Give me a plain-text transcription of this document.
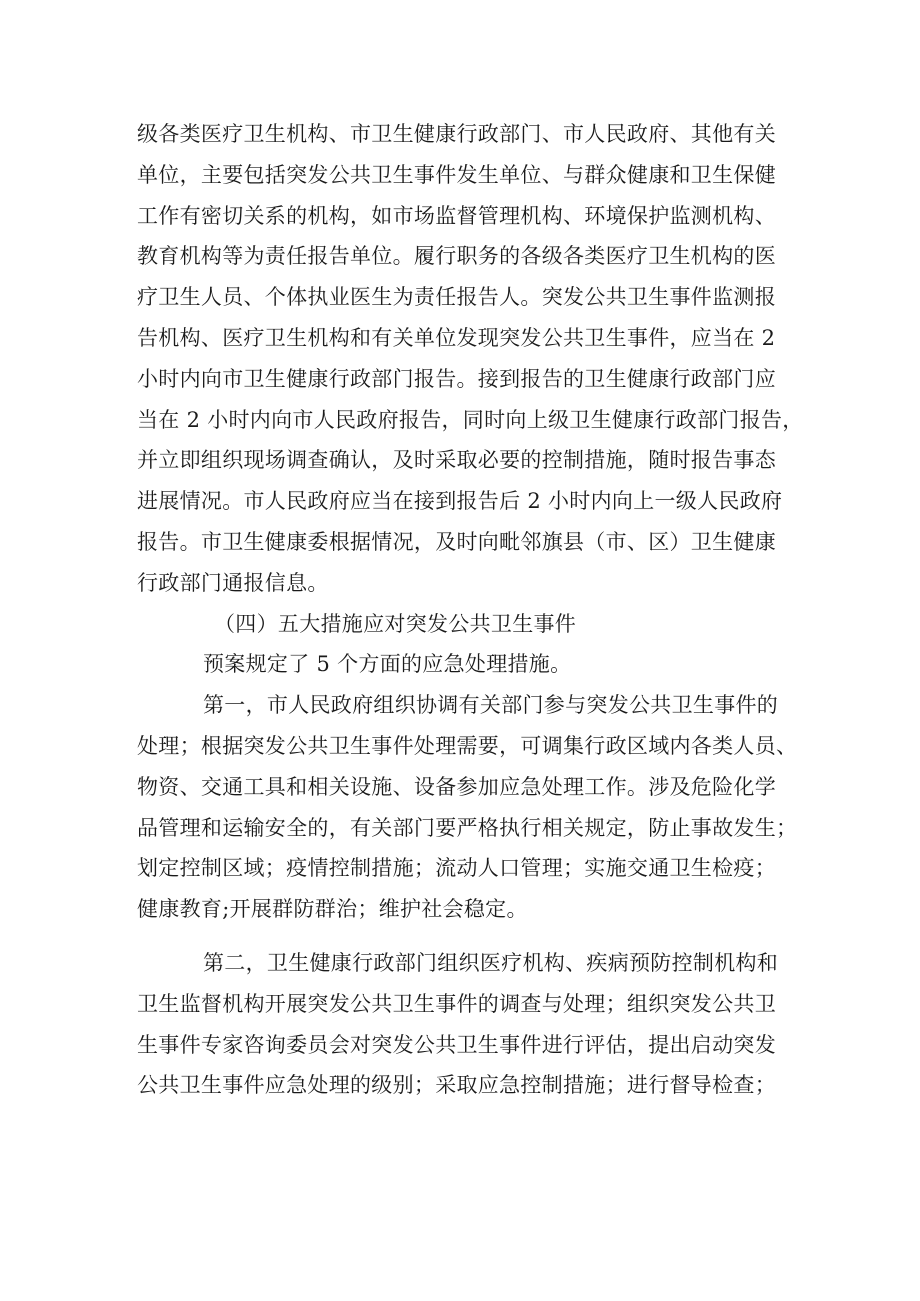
级各类医疗卫生机构、市卫生健康行政部门、市人民政府、其他有关
单位，主要包括突发公共卫生事件发生单位、与群众健康和卫生保健
工作有密切关系的机构，如市场监督管理机构、环境保护监测机构、
教育机构等为责任报告单位。履行职务的各级各类医疗卫生机构的医
疗卫生人员、个体执业医生为责任报告人。突发公共卫生事件监测报
告机构、医疗卫生机构和有关单位发现突发公共卫生事件，应当在 2
小时内向市卫生健康行政部门报告。接到报告的卫生健康行政部门应
当在 2 小时内向市人民政府报告，同时向上级卫生健康行政部门报告，
并立即组织现场调查确认，及时采取必要的控制措施，随时报告事态
进展情况。市人民政府应当在接到报告后 2 小时内向上一级人民政府
报告。市卫生健康委根据情况，及时向毗邻旗县（市、区）卫生健康
行政部门通报信息。
（四）五大措施应对突发公共卫生事件
预案规定了 5 个方面的应急处理措施。
第一，市人民政府组织协调有关部门参与突发公共卫生事件的
处理；根据突发公共卫生事件处理需要，可调集行政区域内各类人员、
物资、交通工具和相关设施、设备参加应急处理工作。涉及危险化学
品管理和运输安全的，有关部门要严格执行相关规定，防止事故发生；
划定控制区域；疫情控制措施；流动人口管理；实施交通卫生检疫；
健康教育;开展群防群治；维护社会稳定。
第二，卫生健康行政部门组织医疗机构、疾病预防控制机构和
卫生监督机构开展突发公共卫生事件的调查与处理；组织突发公共卫
生事件专家咨询委员会对突发公共卫生事件进行评估，提出启动突发
公共卫生事件应急处理的级别；采取应急控制措施；进行督导检查；
